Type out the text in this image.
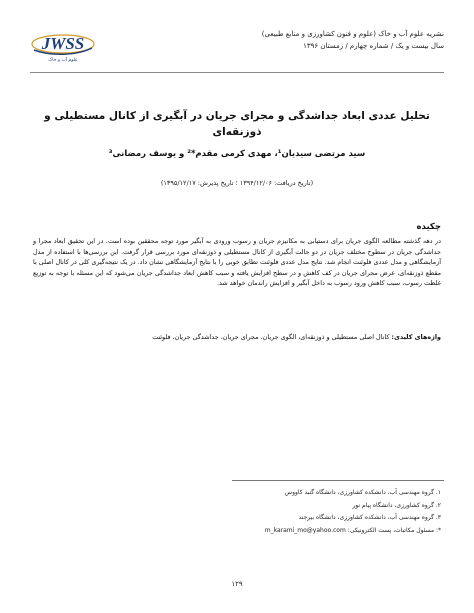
نشریه علوم آب و خاک (علوم و فنون کشاورزی و منابع طبیعی)
سال بیست و یک / شماره چهارم / زمستان ۱۳۹۶
JWSS
علوم آب و خاک
تحلیل عددی ابعاد جداشدگی و مجرای جریان در آبگیری از کانال مستطیلی و ذوزنقه‌ای
سید مرتضی سیدیان¹، مهدی کرمی مقدم*² و یوسف رمضانی³
(تاریخ دریافت: ۱۳۹۴/۱۲/۰۶ ؛ تاریخ پذیرش: ۱۳۹۵/۱۲/۱۷)
چکیده
در دهه گذشته مطالعه الگوی جریان برای دستیابی به مکانیزم جریان و رسوب ورودی به آبگیر مورد توجه محققین بوده است. در این تحقیق ابعاد مجرا و جداشدگی جریان در سطوح مختلف جریان در دو حالت آبگیری از کانال مستطیلی و ذوزنقه‌ای مورد بررسی قرار گرفت. این بررسی‌ها با استفاده از مدل آزمایشگاهی و مدل عددی فلوئنت انجام شد. نتایج مدل عددی فلوئنت تطابق خوبی را با نتایج آزمایشگاهی نشان داد. در یک نتیجه‌گیری کلی در کانال اصلی با مقطع ذوزنقه‌ای، عرض مجرای جریان در کف کاهش و در سطح افزایش یافته و سبب کاهش ابعاد جداشدگی جریان می‌شود که این مسئله با توجه به توزیع غلظت رسوب، سبب کاهش ورود رسوب به داخل آبگیر و افزایش راندمان خواهد شد.
واژه‌های کلیدی: کانال اصلی مستطیلی و ذوزنقه‌ای، الگوی جریان، مجرای جریان، جداشدگی جریان، فلوئنت
۱. گروه مهندسی آب، دانشکده کشاورزی، دانشگاه گنبد کاووس
۲. گروه کشاورزی، دانشگاه پیام نور
۳. گروه مهندسی آب، دانشکده کشاورزی، دانشگاه بیرجند
*: مسئول مکاتبات، پست الکترونیکی: m_karami_mo@yahoo.com
۱۲۹
